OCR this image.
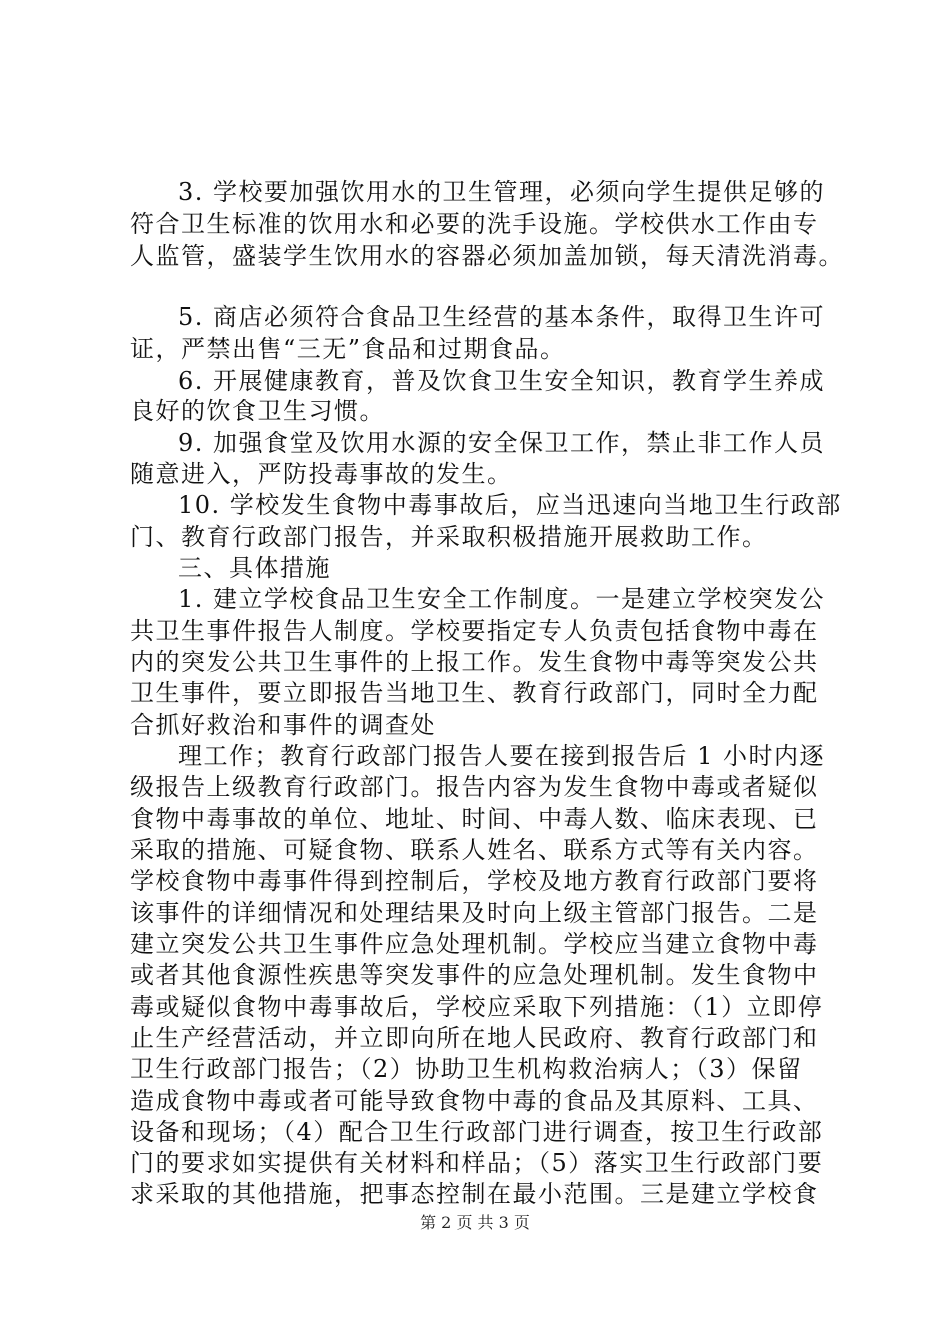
3. 学校要加强饮用水的卫生管理，必须向学生提供足够的
符合卫生标准的饮用水和必要的洗手设施。学校供水工作由专
人监管，盛装学生饮用水的容器必须加盖加锁，每天清洗消毒。
5. 商店必须符合食品卫生经营的基本条件，取得卫生许可
证，严禁出售“三无”食品和过期食品。
6. 开展健康教育，普及饮食卫生安全知识，教育学生养成
良好的饮食卫生习惯。
9. 加强食堂及饮用水源的安全保卫工作，禁止非工作人员
随意进入，严防投毒事故的发生。
10. 学校发生食物中毒事故后，应当迅速向当地卫生行政部
门、教育行政部门报告，并采取积极措施开展救助工作。
三、具体措施
1. 建立学校食品卫生安全工作制度。一是建立学校突发公
共卫生事件报告人制度。学校要指定专人负责包括食物中毒在
内的突发公共卫生事件的上报工作。发生食物中毒等突发公共
卫生事件，要立即报告当地卫生、教育行政部门，同时全力配
合抓好救治和事件的调查处
理工作；教育行政部门报告人要在接到报告后 1 小时内逐
级报告上级教育行政部门。报告内容为发生食物中毒或者疑似
食物中毒事故的单位、地址、时间、中毒人数、临床表现、已
采取的措施、可疑食物、联系人姓名、联系方式等有关内容。
学校食物中毒事件得到控制后，学校及地方教育行政部门要将
该事件的详细情况和处理结果及时向上级主管部门报告。二是
建立突发公共卫生事件应急处理机制。学校应当建立食物中毒
或者其他食源性疾患等突发事件的应急处理机制。发生食物中
毒或疑似食物中毒事故后，学校应采取下列措施：（1）立即停
止生产经营活动，并立即向所在地人民政府、教育行政部门和
卫生行政部门报告；（2）协助卫生机构救治病人；（3）保留
造成食物中毒或者可能导致食物中毒的食品及其原料、工具、
设备和现场；（4）配合卫生行政部门进行调查，按卫生行政部
门的要求如实提供有关材料和样品；（5）落实卫生行政部门要
求采取的其他措施，把事态控制在最小范围。三是建立学校食
第 2 页 共 3 页
